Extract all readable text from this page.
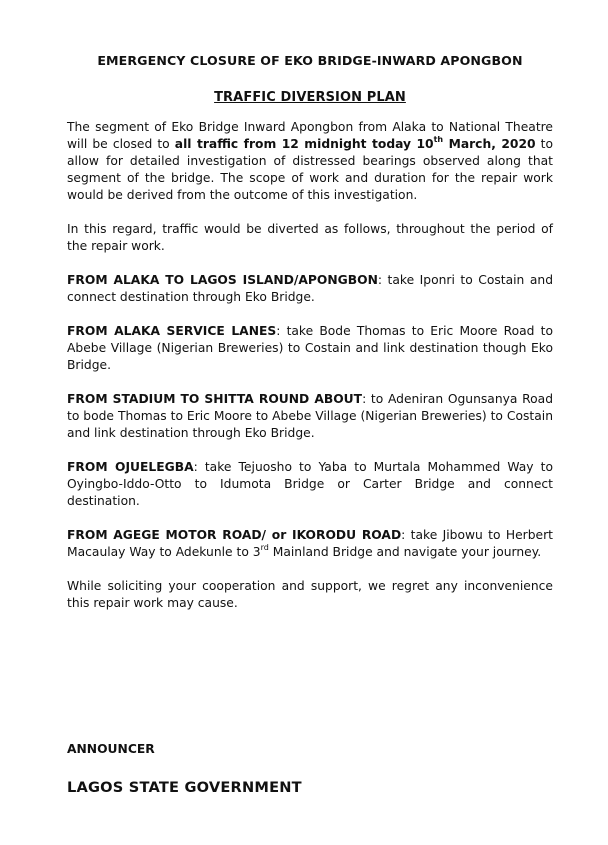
EMERGENCY CLOSURE OF EKO BRIDGE-INWARD APONGBON

TRAFFIC DIVERSION PLAN

The segment of Eko Bridge Inward Apongbon from Alaka to National Theatre will be closed to all traffic from 12 midnight today 10th March, 2020 to allow for detailed investigation of distressed bearings observed along that segment of the bridge. The scope of work and duration for the repair work would be derived from the outcome of this investigation.

In this regard, traffic would be diverted as follows, throughout the period of the repair work.

FROM ALAKA TO LAGOS ISLAND/APONGBON: take Iponri to Costain and connect destination through Eko Bridge.

FROM ALAKA SERVICE LANES: take Bode Thomas to Eric Moore Road to Abebe Village (Nigerian Breweries) to Costain and link destination though Eko Bridge.

FROM STADIUM TO SHITTA ROUND ABOUT: to Adeniran Ogunsanya Road to bode Thomas to Eric Moore to Abebe Village (Nigerian Breweries) to Costain and link destination through Eko Bridge.

FROM OJUELEGBA: take Tejuosho to Yaba to Murtala Mohammed Way to Oyingbo-Iddo-Otto to Idumota Bridge or Carter Bridge and connect destination.

FROM AGEGE MOTOR ROAD/ or IKORODU ROAD: take Jibowu to Herbert Macaulay Way to Adekunle to 3rd Mainland Bridge and navigate your journey.

While soliciting your cooperation and support, we regret any inconvenience this repair work may cause.

ANNOUNCER
LAGOS STATE GOVERNMENT
